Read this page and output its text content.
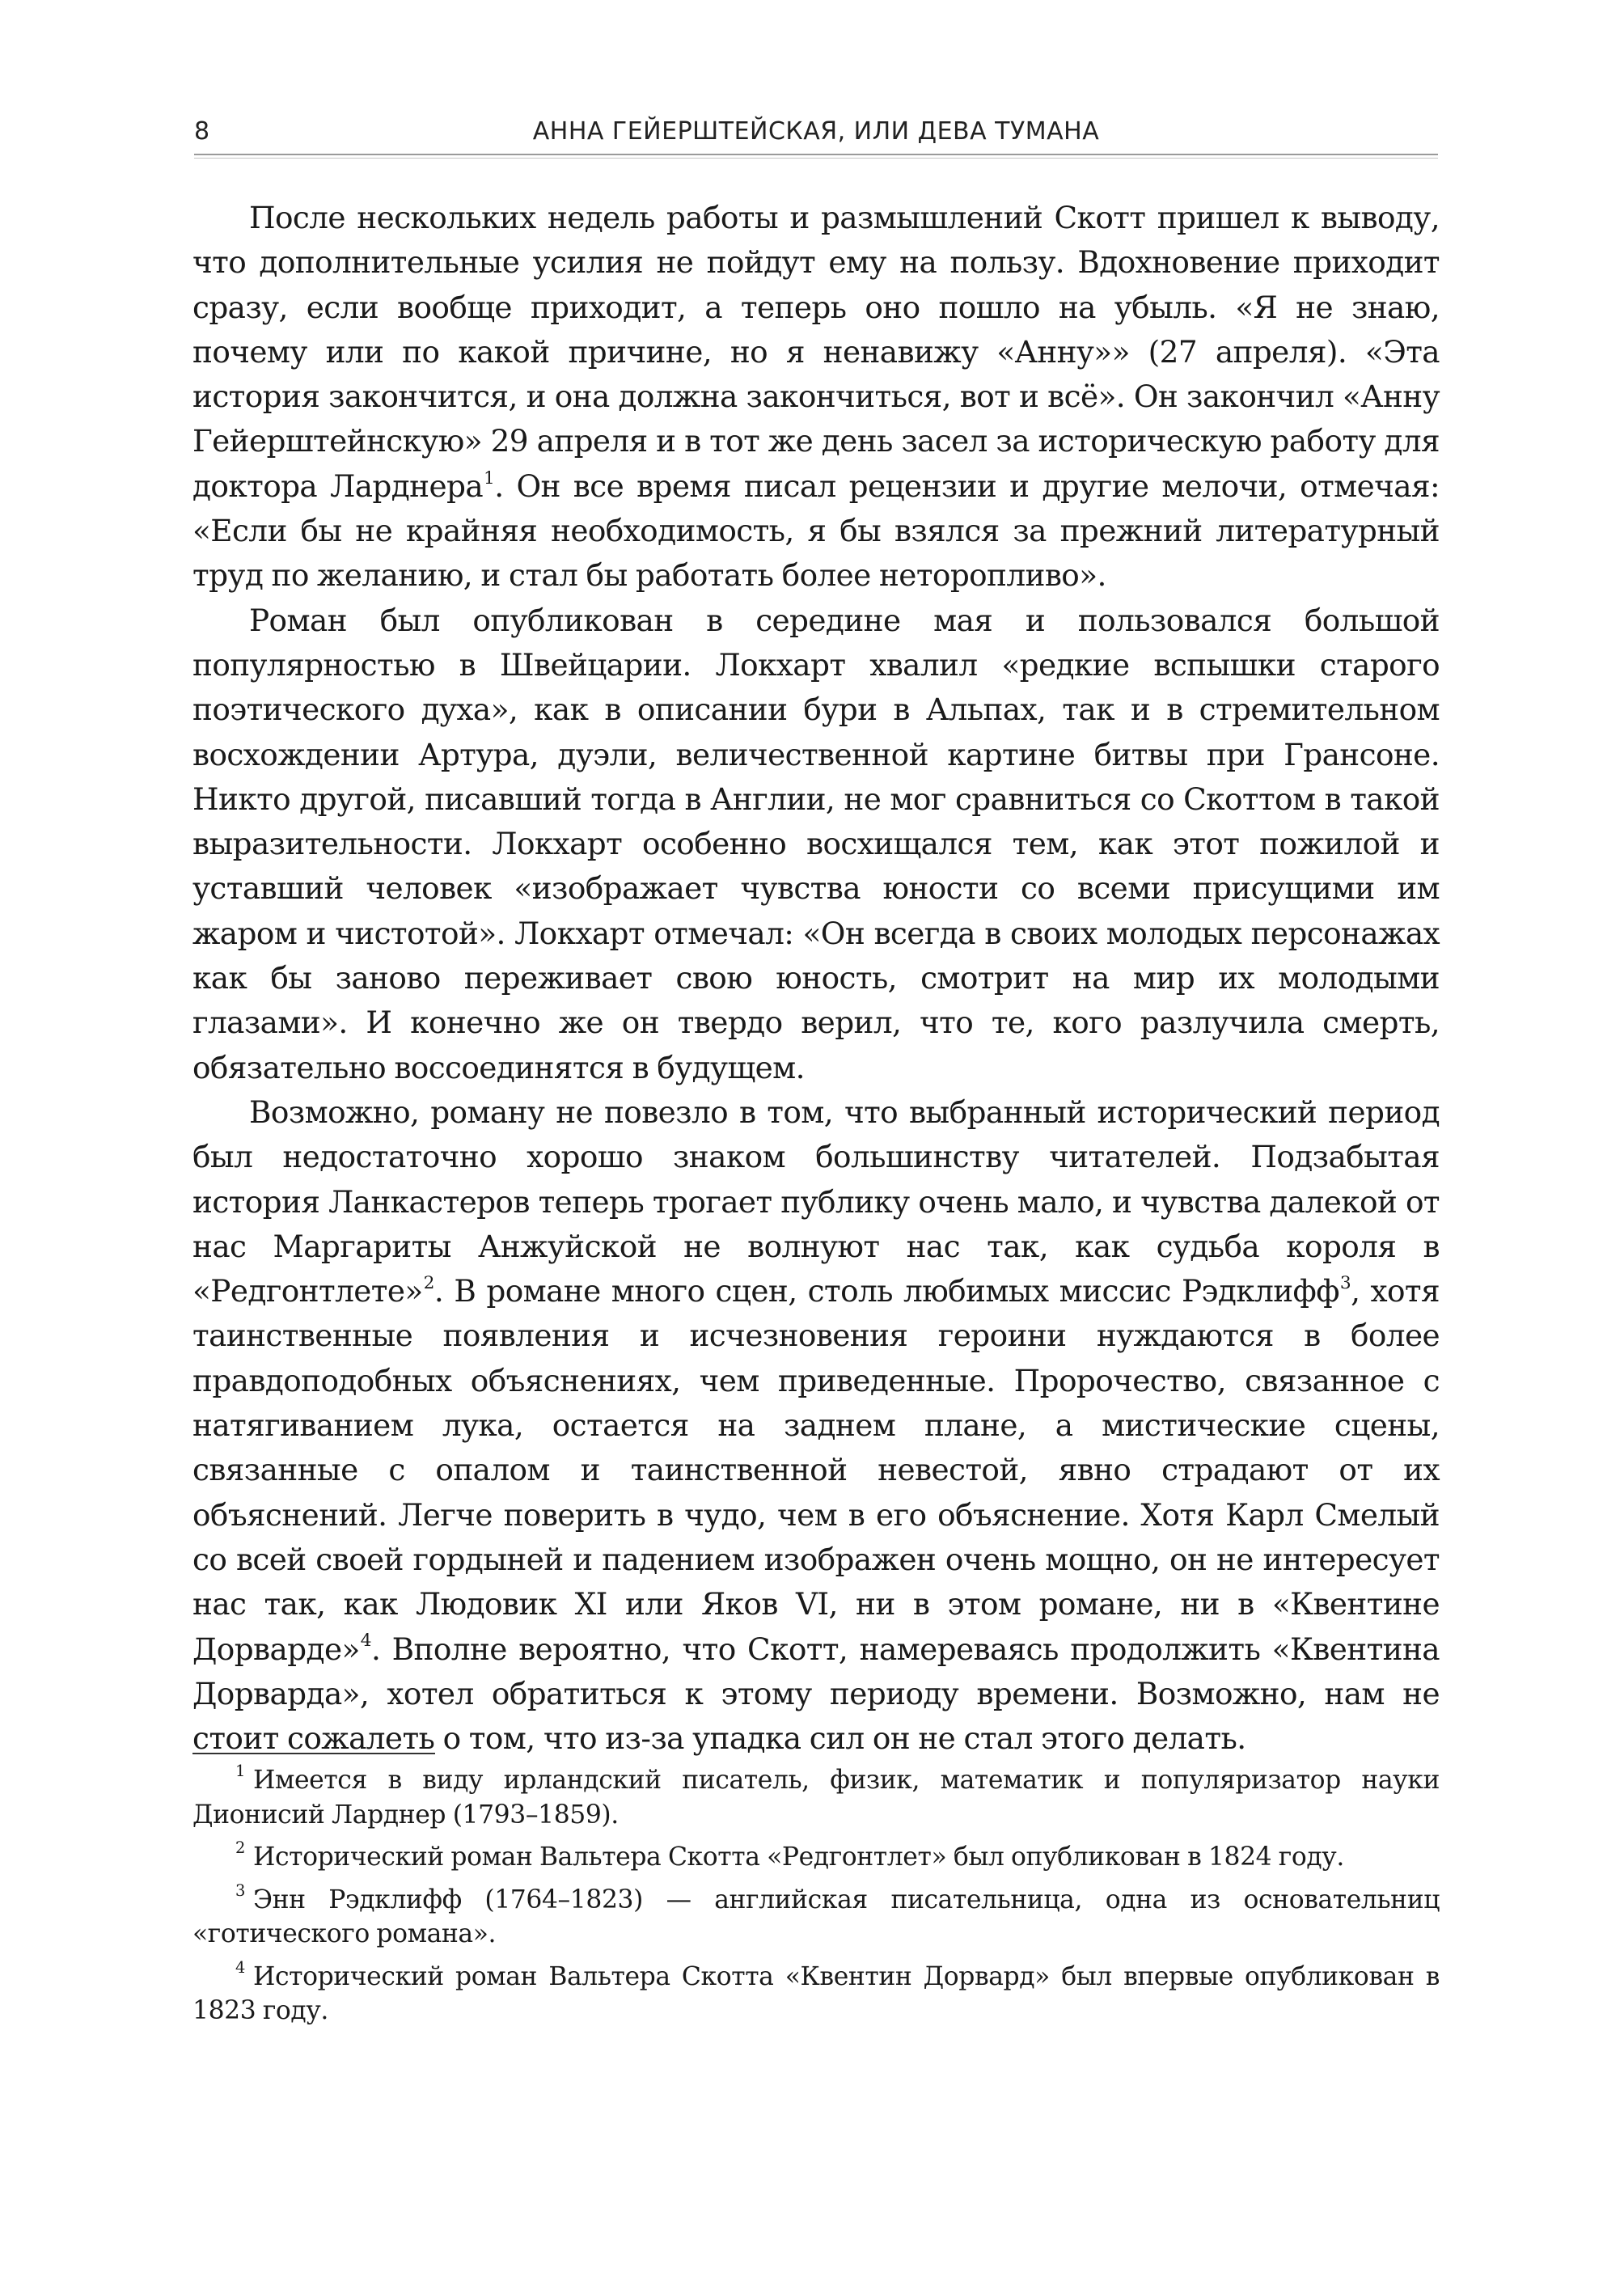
8	АННА ГЕЙЕРШТЕЙСКАЯ, ИЛИ ДЕВА ТУМАНА

После нескольких недель работы и размышлений Скотт пришел к выводу, что дополнительные усилия не пойдут ему на пользу. Вдохновение приходит сразу, если вообще приходит, а теперь оно пошло на убыль. «Я не знаю, почему или по какой причине, но я ненавижу «Анну»» (27 апреля). «Эта история закончится, и она должна закончиться, вот и всё». Он закончил «Анну Гейерштейнскую» 29 апреля и в тот же день засел за историческую работу для доктора Ларднера$^1$. Он все время писал рецензии и другие мелочи, отмечая: «Если бы не крайняя необходимость, я бы взялся за прежний литературный труд по желанию, и стал бы работать более неторопливо».

Роман был опубликован в середине мая и пользовался большой популярностью в Швейцарии. Локхарт хвалил «редкие вспышки старого поэтического духа», как в описании бури в Альпах, так и в стремительном восхождении Артура, дуэли, величественной картине битвы при Грансоне. Никто другой, писавший тогда в Англии, не мог сравниться со Скоттом в такой выразительности. Локхарт особенно восхищался тем, как этот пожилой и уставший человек «изображает чувства юности со всеми присущими им жаром и чистотой». Локхарт отмечал: «Он всегда в своих молодых персонажах как бы заново переживает свою юность, смотрит на мир их молодыми глазами». И конечно же он твердо верил, что те, кого разлучила смерть, обязательно воссоединятся в будущем.

Возможно, роману не повезло в том, что выбранный исторический период был недостаточно хорошо знаком большинству читателей. Подзабытая история Ланкастеров теперь трогает публику очень мало, и чувства далекой от нас Маргариты Анжуйской не волнуют нас так, как судьба короля в «Редгонтлете»$^2$. В романе много сцен, столь любимых миссис Рэдклифф$^3$, хотя таинственные появления и исчезновения героини нуждаются в более правдоподобных объяснениях, чем приведенные. Пророчество, связанное с натягиванием лука, остается на заднем плане, а мистические сцены, связанные с опалом и таинственной невестой, явно страдают от их объяснений. Легче поверить в чудо, чем в его объяснение. Хотя Карл Смелый со всей своей гордыней и падением изображен очень мощно, он не интересует нас так, как Людовик XI или Яков VI, ни в этом романе, ни в «Квентине Дорварде»$^4$. Вполне вероятно, что Скотт, намереваясь продолжить «Квентина Дорварда», хотел обратиться к этому периоду времени. Возможно, нам не стоит сожалеть о том, что из-за упадка сил он не стал этого делать.

$^1$ Имеется в виду ирландский писатель, физик, математик и популяризатор науки Дионисий Ларднер (1793–1859).

$^2$ Исторический роман Вальтера Скотта «Редгонтлет» был опубликован в 1824 году.

$^3$ Энн Рэдклифф (1764–1823) — английская писательница, одна из основательниц «готического романа».

$^4$ Исторический роман Вальтера Скотта «Квентин Дорвард» был впервые опубликован в 1823 году.
